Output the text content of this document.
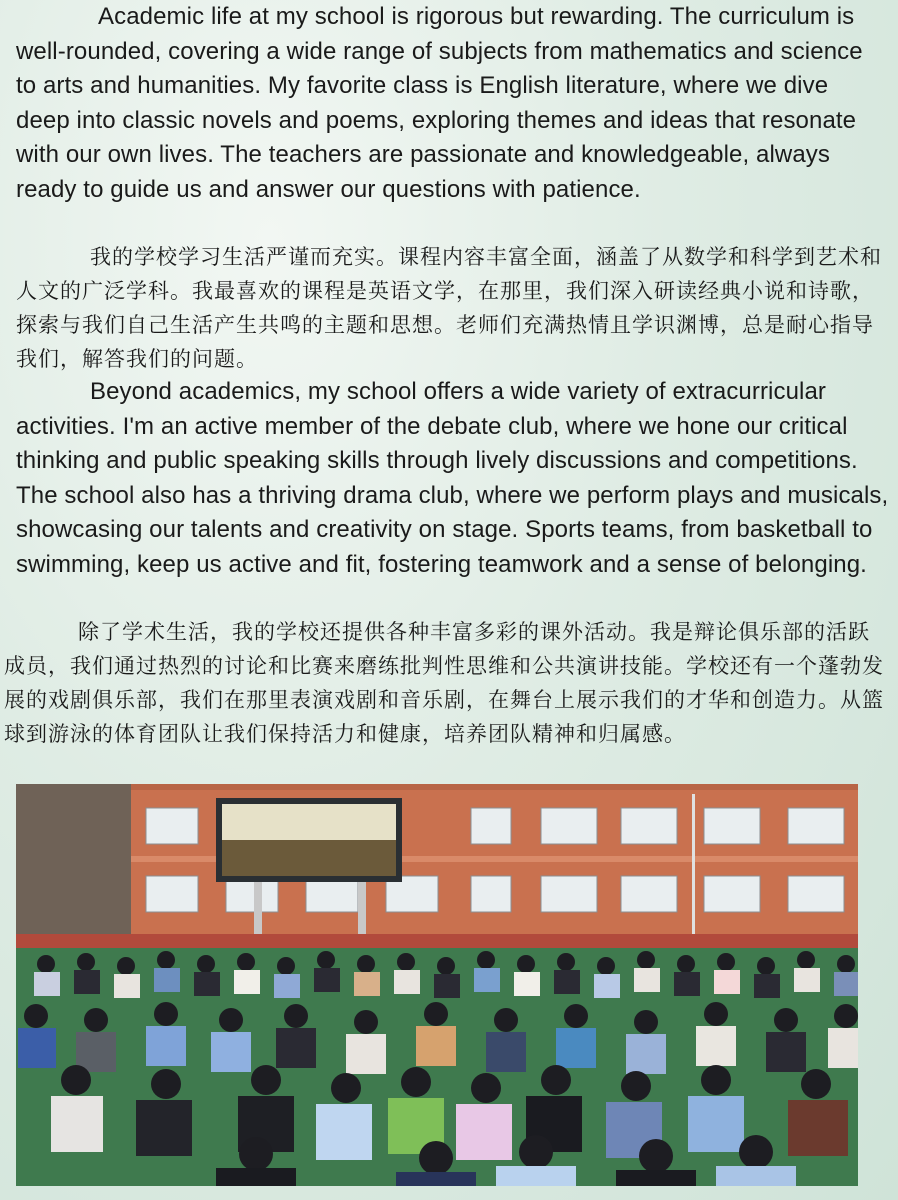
Academic life at my school is rigorous but rewarding. The curriculum is well-rounded, covering a wide range of subjects from mathematics and science to arts and humanities. My favorite class is English literature, where we dive deep into classic novels and poems, exploring themes and ideas that resonate with our own lives. The teachers are passionate and knowledgeable, always ready to guide us and answer our questions with patience.

我的学校学习生活严谨而充实。课程内容丰富全面，涵盖了从数学和科学到艺术和人文的广泛学科。我最喜欢的课程是英语文学，在那里，我们深入研读经典小说和诗歌，探索与我们自己生活产生共鸣的主题和思想。老师们充满热情且学识渊博，总是耐心指导我们，解答我们的问题。

Beyond academics, my school offers a wide variety of extracurricular activities. I'm an active member of the debate club, where we hone our critical thinking and public speaking skills through lively discussions and competitions. The school also has a thriving drama club, where we perform plays and musicals, showcasing our talents and creativity on stage. Sports teams, from basketball to swimming, keep us active and fit, fostering teamwork and a sense of belonging.

除了学术生活，我的学校还提供各种丰富多彩的课外活动。我是辩论俱乐部的活跃成员，我们通过热烈的讨论和比赛来磨练批判性思维和公共演讲技能。学校还有一个蓬勃发展的戏剧俱乐部，我们在那里表演戏剧和音乐剧，在舞台上展示我们的才华和创造力。从篮球到游泳的体育团队让我们保持活力和健康，培养团队精神和归属感。
